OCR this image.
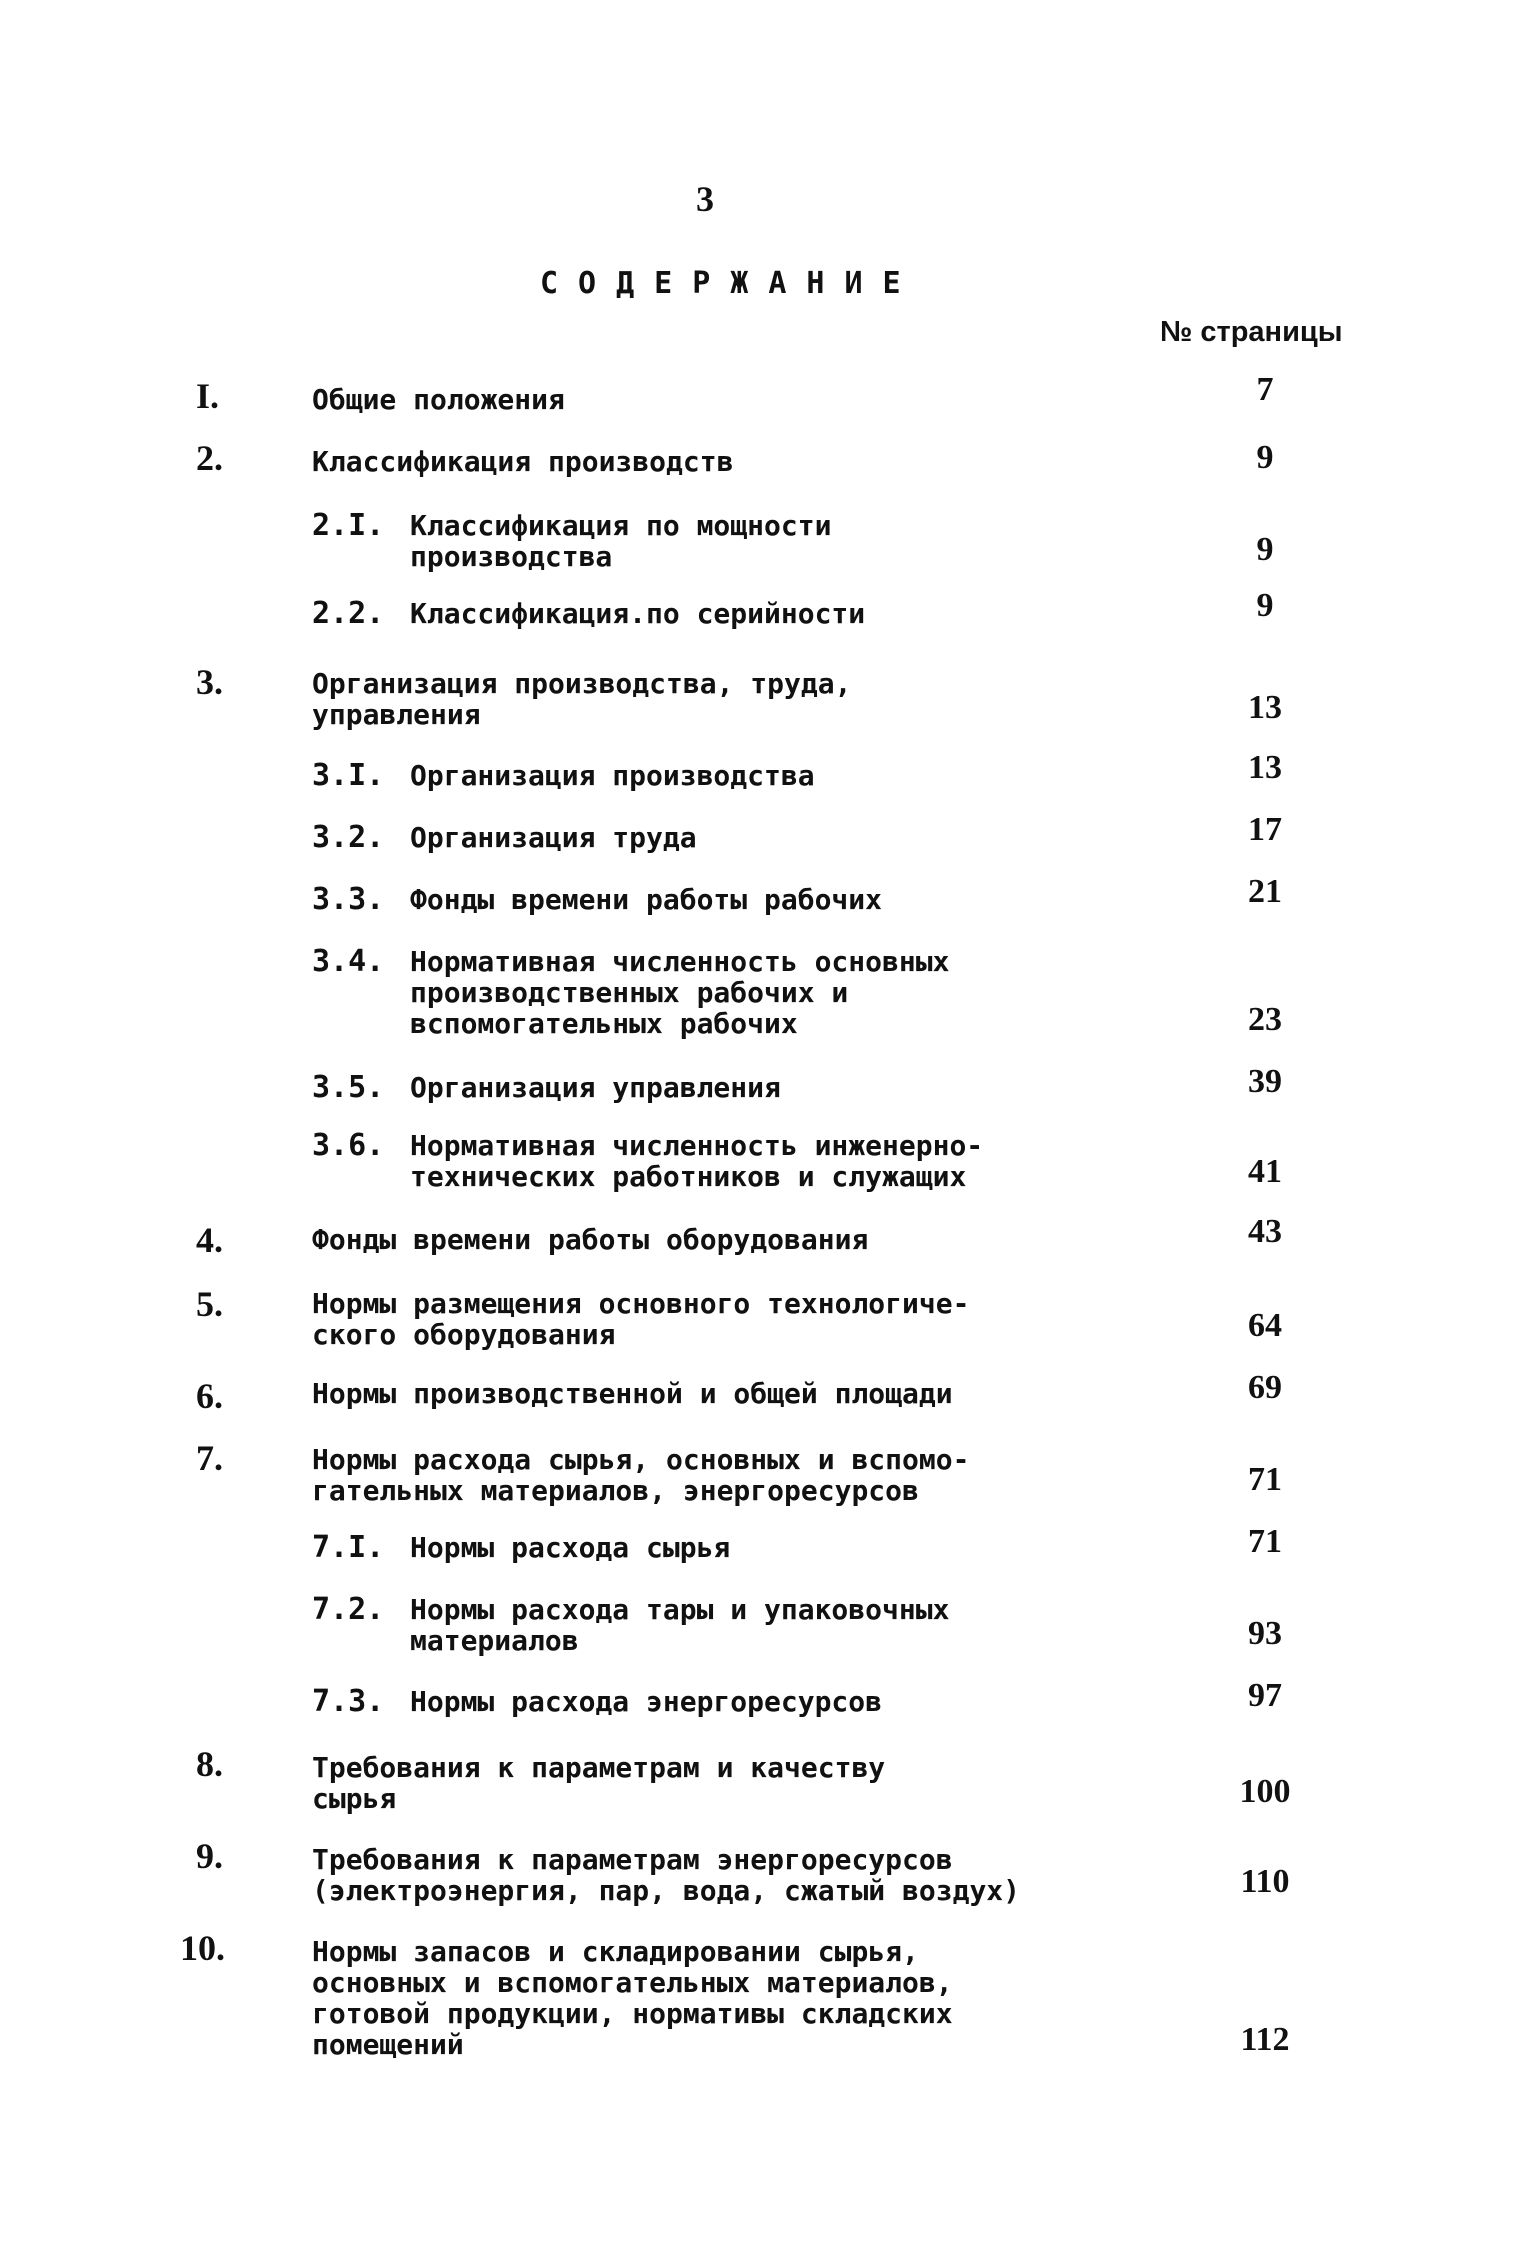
3
СОДЕРЖАНИЕ
№ страницы
I.	Общие положения	7
2.	Классификация производств	9
2.I. Классификация по мощности
производства	9
2.2. Классификация.по серийности	9
3.	Организация производства, труда,
управления	13
3.I. Организация производства	13
3.2. Организация труда	17
3.3. Фонды времени работы рабочих	21
3.4. Нормативная численность основных
производственных рабочих и
вспомогательных рабочих	23
3.5. Организация управления	39
3.6. Нормативная численность инженерно-
технических работников и служащих	41
4.	Фонды времени работы оборудования	43
5.	Нормы размещения основного технологиче-
ского оборудования	64
6.	Нормы производственной и общей площади	69
7.	Нормы расхода сырья, основных и вспомо-
гательных материалов, энергоресурсов	71
7.I. Нормы расхода сырья	71
7.2. Нормы расхода тары и упаковочных
материалов	93
7.3. Нормы расхода энергоресурсов	97
8.	Требования к параметрам и качеству
сырья	100
9.	Требования к параметрам энергоресурсов
(электроэнергия, пар, вода, сжатый воздух)	110
10.	Нормы запасов и складировании сырья,
основных и вспомогательных материалов,
готовой продукции, нормативы складских
помещений	112
